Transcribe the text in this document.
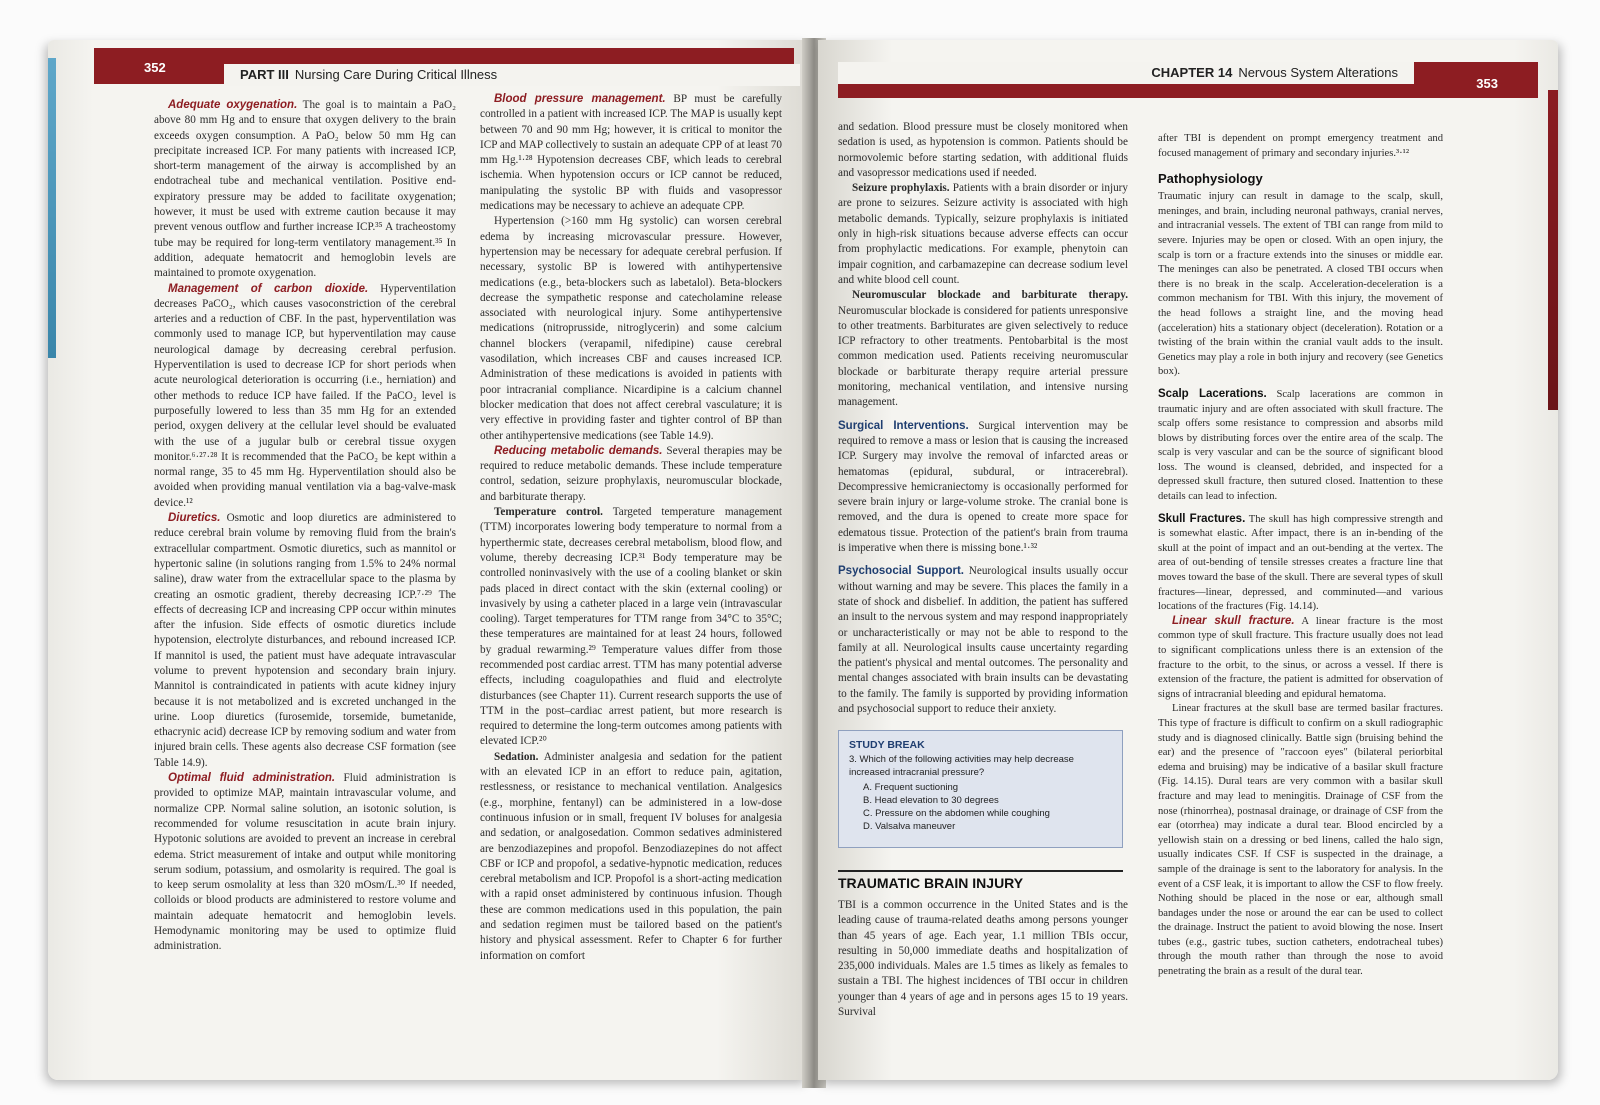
352	PART III Nursing Care During Critical Illness

Adequate oxygenation. The goal is to maintain a PaO₂ above 80 mm Hg and to ensure that oxygen delivery to the brain exceeds oxygen consumption. A PaO₂ below 50 mm Hg can precipitate increased ICP. For many patients with increased ICP, short-term management of the airway is accomplished by an endotracheal tube and mechanical ventilation. Positive end-expiratory pressure may be added to facilitate oxygenation; however, it must be used with extreme caution because it may prevent venous outflow and further increase ICP.³⁵ A tracheostomy tube may be required for long-term ventilatory management.³⁵ In addition, adequate hematocrit and hemoglobin levels are maintained to promote oxygenation.

Management of carbon dioxide. Hyperventilation decreases PaCO₂, which causes vasoconstriction of the cerebral arteries and a reduction of CBF. In the past, hyperventilation was commonly used to manage ICP, but hyperventilation may cause neurological damage by decreasing cerebral perfusion. Hyperventilation is used to decrease ICP for short periods when acute neurological deterioration is occurring (i.e., herniation) and other methods to reduce ICP have failed. If the PaCO₂ level is purposefully lowered to less than 35 mm Hg for an extended period, oxygen delivery at the cellular level should be evaluated with the use of a jugular bulb or cerebral tissue oxygen monitor.⁶·²⁷·²⁸ It is recommended that the PaCO₂ be kept within a normal range, 35 to 45 mm Hg. Hyperventilation should also be avoided when providing manual ventilation via a bag-valve-mask device.¹²

Diuretics. Osmotic and loop diuretics are administered to reduce cerebral brain volume by removing fluid from the brain's extracellular compartment. Osmotic diuretics, such as mannitol or hypertonic saline (in solutions ranging from 1.5% to 24% normal saline), draw water from the extracellular space to the plasma by creating an osmotic gradient, thereby decreasing ICP.⁷·²⁹ The effects of decreasing ICP and increasing CPP occur within minutes after the infusion. Side effects of osmotic diuretics include hypotension, electrolyte disturbances, and rebound increased ICP. If mannitol is used, the patient must have adequate intravascular volume to prevent hypotension and secondary brain injury. Mannitol is contraindicated in patients with acute kidney injury because it is not metabolized and is excreted unchanged in the urine. Loop diuretics (furosemide, torsemide, bumetanide, ethacrynic acid) decrease ICP by removing sodium and water from injured brain cells. These agents also decrease CSF formation (see Table 14.9).

Optimal fluid administration. Fluid administration is provided to optimize MAP, maintain intravascular volume, and normalize CPP. Normal saline solution, an isotonic solution, is recommended for volume resuscitation in acute brain injury. Hypotonic solutions are avoided to prevent an increase in cerebral edema. Strict measurement of intake and output while monitoring serum sodium, potassium, and osmolarity is required. The goal is to keep serum osmolality at less than 320 mOsm/L.³⁰ If needed, colloids or blood products are administered to restore volume and maintain adequate hematocrit and hemoglobin levels. Hemodynamic monitoring may be used to optimize fluid administration.

Blood pressure management. BP must be carefully controlled in a patient with increased ICP. The MAP is usually kept between 70 and 90 mm Hg; however, it is critical to monitor the ICP and MAP collectively to sustain an adequate CPP of at least 70 mm Hg.¹·²⁸ Hypotension decreases CBF, which leads to cerebral ischemia. When hypotension occurs or ICP cannot be reduced, manipulating the systolic BP with fluids and vasopressor medications may be necessary to achieve an adequate CPP.

Hypertension (>160 mm Hg systolic) can worsen cerebral edema by increasing microvascular pressure. However, hypertension may be necessary for adequate cerebral perfusion. If necessary, systolic BP is lowered with antihypertensive medications (e.g., beta-blockers such as labetalol). Beta-blockers decrease the sympathetic response and catecholamine release associated with neurological injury. Some antihypertensive medications (nitroprusside, nitroglycerin) and some calcium channel blockers (verapamil, nifedipine) cause cerebral vasodilation, which increases CBF and causes increased ICP. Administration of these medications is avoided in patients with poor intracranial compliance. Nicardipine is a calcium channel blocker medication that does not affect cerebral vasculature; it is very effective in providing faster and tighter control of BP than other antihypertensive medications (see Table 14.9).

Reducing metabolic demands. Several therapies may be required to reduce metabolic demands. These include temperature control, sedation, seizure prophylaxis, neuromuscular blockade, and barbiturate therapy.

Temperature control. Targeted temperature management (TTM) incorporates lowering body temperature to normal from a hyperthermic state, decreases cerebral metabolism, blood flow, and volume, thereby decreasing ICP.³¹ Body temperature may be controlled noninvasively with the use of a cooling blanket or skin pads placed in direct contact with the skin (external cooling) or invasively by using a catheter placed in a large vein (intravascular cooling). Target temperatures for TTM range from 34°C to 35°C; these temperatures are maintained for at least 24 hours, followed by gradual rewarming.²⁹ Temperature values differ from those recommended post cardiac arrest. TTM has many potential adverse effects, including coagulopathies and fluid and electrolyte disturbances (see Chapter 11). Current research supports the use of TTM in the post–cardiac arrest patient, but more research is required to determine the long-term outcomes among patients with elevated ICP.²⁰

Sedation. Administer analgesia and sedation for the patient with an elevated ICP in an effort to reduce pain, agitation, restlessness, or resistance to mechanical ventilation. Analgesics (e.g., morphine, fentanyl) can be administered in a low-dose continuous infusion or in small, frequent IV boluses for analgesia and sedation, or analgosedation. Common sedatives administered are benzodiazepines and propofol. Benzodiazepines do not affect CBF or ICP and propofol, a sedative-hypnotic medication, reduces cerebral metabolism and ICP. Propofol is a short-acting medication with a rapid onset administered by continuous infusion. Though these are common medications used in this population, the pain and sedation regimen must be tailored based on the patient's history and physical assessment. Refer to Chapter 6 for further information on comfort

CHAPTER 14 Nervous System Alterations
353

and sedation. Blood pressure must be closely monitored when sedation is used, as hypotension is common. Patients should be normovolemic before starting sedation, with additional fluids and vasopressor medications used if needed.

Seizure prophylaxis. Patients with a brain disorder or injury are prone to seizures. Seizure activity is associated with high metabolic demands. Typically, seizure prophylaxis is initiated only in high-risk situations because adverse effects can occur from prophylactic medications. For example, phenytoin can impair cognition, and carbamazepine can decrease sodium level and white blood cell count.

Neuromuscular blockade and barbiturate therapy. Neuromuscular blockade is considered for patients unresponsive to other treatments. Barbiturates are given selectively to reduce ICP refractory to other treatments. Pentobarbital is the most common medication used. Patients receiving neuromuscular blockade or barbiturate therapy require arterial pressure monitoring, mechanical ventilation, and intensive nursing management.

Surgical Interventions. Surgical intervention may be required to remove a mass or lesion that is causing the increased ICP. Surgery may involve the removal of infarcted areas or hematomas (epidural, subdural, or intracerebral). Decompressive hemicraniectomy is occasionally performed for severe brain injury or large-volume stroke. The cranial bone is removed, and the dura is opened to create more space for edematous tissue. Protection of the patient's brain from trauma is imperative when there is missing bone.¹·³²

Psychosocial Support. Neurological insults usually occur without warning and may be severe. This places the family in a state of shock and disbelief. In addition, the patient has suffered an insult to the nervous system and may respond inappropriately or uncharacteristically or may not be able to respond to the family at all. Neurological insults cause uncertainty regarding the patient's physical and mental outcomes. The personality and mental changes associated with brain insults can be devastating to the family. The family is supported by providing information and psychosocial support to reduce their anxiety.

STUDY BREAK
3. Which of the following activities may help decrease increased intracranial pressure?
A. Frequent suctioning
B. Head elevation to 30 degrees
C. Pressure on the abdomen while coughing
D. Valsalva maneuver
TRAUMATIC BRAIN INJURY

TBI is a common occurrence in the United States and is the leading cause of trauma-related deaths among persons younger than 45 years of age. Each year, 1.1 million TBIs occur, resulting in 50,000 immediate deaths and hospitalization of 235,000 individuals. Males are 1.5 times as likely as females to sustain a TBI. The highest incidences of TBI occur in children younger than 4 years of age and in persons ages 15 to 19 years. Survival

after TBI is dependent on prompt emergency treatment and focused management of primary and secondary injuries.³·¹²

Pathophysiology

Traumatic injury can result in damage to the scalp, skull, meninges, and brain, including neuronal pathways, cranial nerves, and intracranial vessels. The extent of TBI can range from mild to severe. Injuries may be open or closed. With an open injury, the scalp is torn or a fracture extends into the sinuses or middle ear. The meninges can also be penetrated. A closed TBI occurs when there is no break in the scalp. Acceleration-deceleration is a common mechanism for TBI. With this injury, the movement of the head follows a straight line, and the moving head (acceleration) hits a stationary object (deceleration). Rotation or a twisting of the brain within the cranial vault adds to the insult. Genetics may play a role in both injury and recovery (see Genetics box).

Scalp Lacerations. Scalp lacerations are common in traumatic injury and are often associated with skull fracture. The scalp offers some resistance to compression and absorbs mild blows by distributing forces over the entire area of the scalp. The scalp is very vascular and can be the source of significant blood loss. The wound is cleansed, debrided, and inspected for a depressed skull fracture, then sutured closed. Inattention to these details can lead to infection.

Skull Fractures. The skull has high compressive strength and is somewhat elastic. After impact, there is an in-bending of the skull at the point of impact and an out-bending at the vertex. The area of out-bending of tensile stresses creates a fracture line that moves toward the base of the skull. There are several types of skull fractures—linear, depressed, and comminuted—and various locations of the fractures (Fig. 14.14).

Linear skull fracture. A linear fracture is the most common type of skull fracture. This fracture usually does not lead to significant complications unless there is an extension of the fracture to the orbit, to the sinus, or across a vessel. If there is extension of the fracture, the patient is admitted for observation of signs of intracranial bleeding and epidural hematoma.

Linear fractures at the skull base are termed basilar fractures. This type of fracture is difficult to confirm on a skull radiographic study and is diagnosed clinically. Battle sign (bruising behind the ear) and the presence of "raccoon eyes" (bilateral periorbital edema and bruising) may be indicative of a basilar skull fracture (Fig. 14.15). Dural tears are very common with a basilar skull fracture and may lead to meningitis. Drainage of CSF from the nose (rhinorrhea), postnasal drainage, or drainage of CSF from the ear (otorrhea) may indicate a dural tear. Blood encircled by a yellowish stain on a dressing or bed linens, called the halo sign, usually indicates CSF. If CSF is suspected in the drainage, a sample of the drainage is sent to the laboratory for analysis. In the event of a CSF leak, it is important to allow the CSF to flow freely. Nothing should be placed in the nose or ear, although small bandages under the nose or around the ear can be used to collect the drainage. Instruct the patient to avoid blowing the nose. Insert tubes (e.g., gastric tubes, suction catheters, endotracheal tubes) through the mouth rather than through the nose to avoid penetrating the brain as a result of the dural tear.
